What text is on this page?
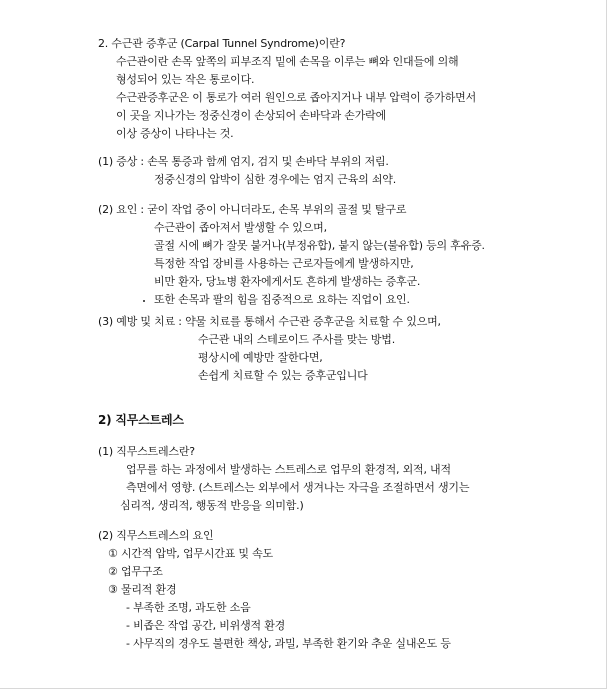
2. 수근관 증후군 (Carpal Tunnel Syndrome)이란?
수근관이란 손목 앞쪽의 피부조직 밑에 손목을 이루는 뼈와 인대들에 의해
형성되어 있는 작은 통로이다.
수근관증후군은 이 통로가 여러 원인으로 좁아지거나 내부 압력이 증가하면서
이 곳을 지나가는 정중신경이 손상되어 손바닥과 손가락에
이상 증상이 나타나는 것.
(1) 증상 : 손목 통증과 함께 엄지, 검지 및 손바닥 부위의 저림.
정중신경의 압박이 심한 경우에는 엄지 근육의 쇠약.
(2) 요인 : 굳이 작업 중이 아니더라도, 손목 부위의 골절 및 탈구로
수근관이 좁아져서 발생할 수 있으며,
골절 시에 뼈가 잘못 붙거나(부정유합), 붙지 않는(불유합) 등의 후유증.
특정한 작업 장비를 사용하는 근로자들에게 발생하지만,
비만 환자, 당뇨병 환자에게서도 흔하게 발생하는 증후군.
또한 손목과 팔의 힘을 집중적으로 요하는 직업이 요인.
(3) 예방 및 치료 : 약물 치료를 통해서 수근관 증후군을 치료할 수 있으며,
수근관 내의 스테로이드 주사를 맞는 방법.
평상시에 예방만 잘한다면,
손쉽게 치료할 수 있는 증후군입니다
2) 직무스트레스
(1) 직무스트레스란?
업무를 하는 과정에서 발생하는 스트레스로 업무의 환경적, 외적, 내적
측면에서 영향. (스트레스는 외부에서 생겨나는 자극을 조절하면서 생기는
심리적, 생리적, 행동적 반응을 의미함.)
(2) 직무스트레스의 요인
① 시간적 압박, 업무시간표 및 속도
② 업무구조
③ 물리적 환경
- 부족한 조명, 과도한 소음
- 비좁은 작업 공간, 비위생적 환경
- 사무직의 경우도 불편한 책상, 과밀, 부족한 환기와 추운 실내온도 등
